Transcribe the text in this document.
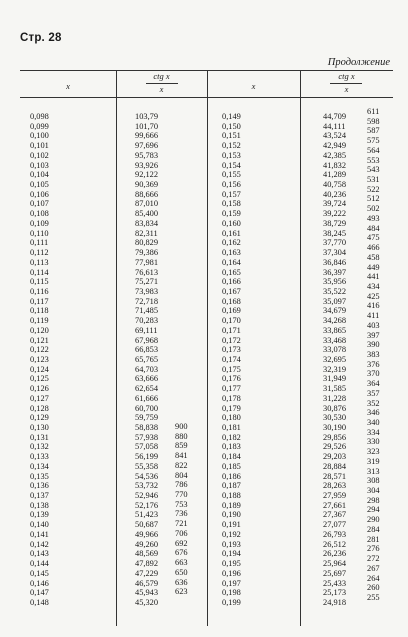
Стр. 28
Продолжение
x
ctg x
x	x
ctg x
x
0,098
0,099
0,100
0,101
0,102
0,103
0,104
0,105
0,106
0,107
0,108
0,109
0,110
0,111
0,112
0,113
0,114
0,115
0,116
0,117
0,118
0,119
0,120
0,121
0,122
0,123
0,124
0,125
0,126
0,127
0,128
0,129
0,130
0,131
0,132
0,133
0,134
0,135
0,136
0,137
0,138
0,139
0,140
0,141
0,142
0,143
0,144
0,145
0,146
0,147
0,148
103,79
101,70
99,666
97,696
95,783
93,926
92,122
90,369
88,666
87,010
85,400
83,834
82,311
80,829
79,386
77,981
76,613
75,271
73,983
72,718
71,485
70,283
69,111
67,968
66,853
65,765
64,703
63,666
62,654
61,666
60,700
59,759
58,838
57,938
57,058
56,199
55,358
54,536
53,732
52,946
52,176
51,423
50,687
49,966
49,260
48,569
47,892
47,229
46,579
45,943
45,320
900
880
859
841
822
804
786
770
753
736
721
706
692
676
663
650
636
623
0,149
0,150
0,151
0,152
0,153
0,154
0,155
0,156
0,157
0,158
0,159
0,160
0,161
0,162
0,163
0,164
0,165
0,166
0,167
0,168
0,169
0,170
0,171
0,172
0,173
0,174
0,175
0,176
0,177
0,178
0,179
0,180
0,181
0,182
0,183
0,184
0,185
0,186
0,187
0,188
0,189
0,190
0,191
0,192
0,193
0,194
0,195
0,196
0,197
0,198
0,199
44,709
44,111
43,524
42,949
42,385
41,832
41,289
40,758
40,236
39,724
39,222
38,729
38,245
37,770
37,304
36,846
36,397
35,956
35,522
35,097
34,679
34,268
33,865
33,468
33,078
32,695
32,319
31,949
31,585
31,228
30,876
30,530
30,190
29,856
29,526
29,203
28,884
28,571
28,263
27,959
27,661
27,367
27,077
26,793
26,512
26,236
25,964
25,697
25,433
25,173
24,918
611
598
587
575
564
553
543
531
522
512
502
493
484
475
466
458
449
441
434
425
416
411
403
397
390
383
376
370
364
357
352
346
340
334
330
323
319
313
308
304
298
294
290
284
281
276
272
267
264
260
255
